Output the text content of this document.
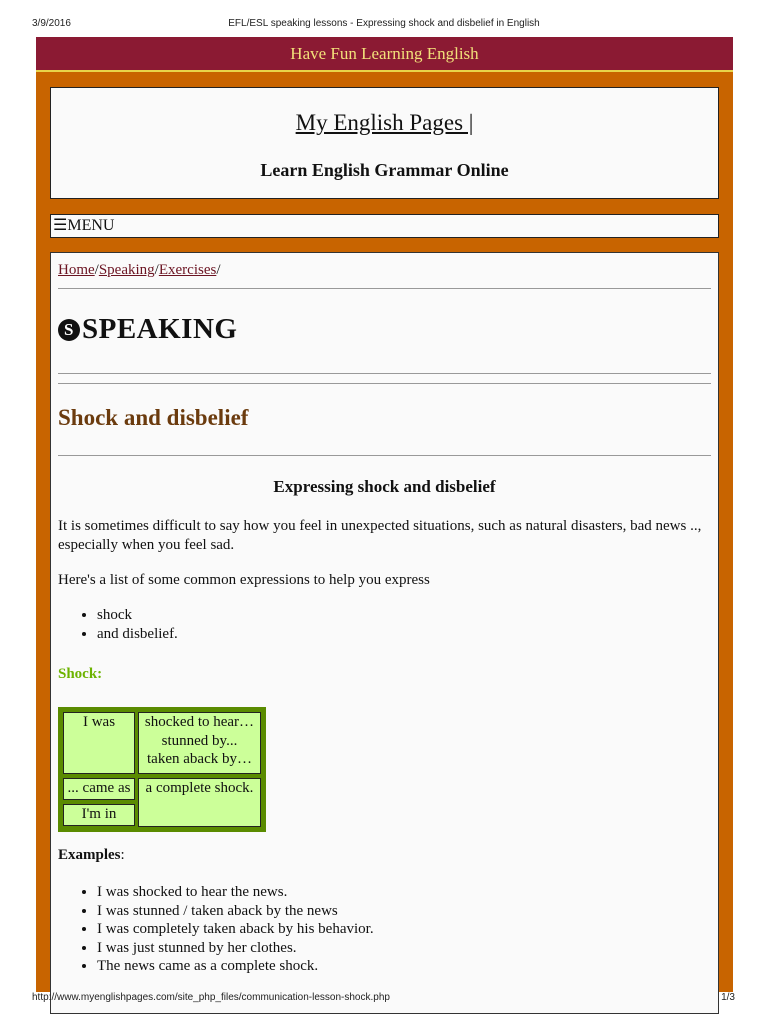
3/9/2016	EFL/ESL speaking lessons - Expressing shock and disbelief in English
Have Fun Learning English
My English Pages |
Learn English Grammar Online
☰MENU
Home/Speaking/Exercises/
S SPEAKING
Shock and disbelief
Expressing shock and disbelief
It is sometimes difficult to say how you feel in unexpected situations, such as natural disasters, bad news .., especially when you feel sad.
Here's a list of some common expressions to help you express
• shock
• and disbelief.
Shock:
I was	shocked to hear…
stunned by...
taken aback by…
... came as	a complete shock.
I'm in
Examples:
• I was shocked to hear the news.
• I was stunned / taken aback by the news
• I was completely taken aback by his behavior.
• I was just stunned by her clothes.
• The news came as a complete shock.
http://www.myenglishpages.com/site_php_files/communication-lesson-shock.php	1/3
